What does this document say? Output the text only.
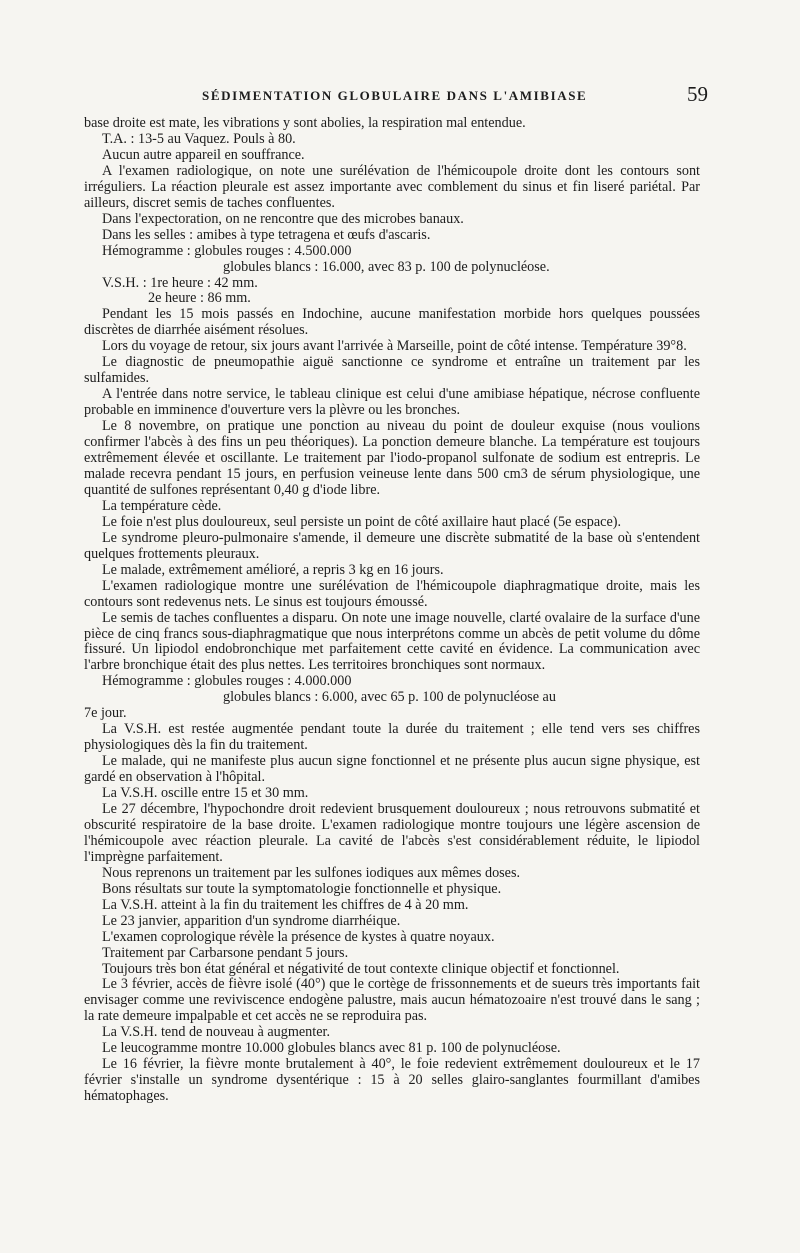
SÉDIMENTATION GLOBULAIRE DANS L'AMIBIASE	59

base droite est mate, les vibrations y sont abolies, la respiration mal entendue.

T.A. : 13-5 au Vaquez. Pouls à 80.

Aucun autre appareil en souffrance.

A l'examen radiologique, on note une surélévation de l'hémicoupole droite dont les contours sont irréguliers. La réaction pleurale est assez importante avec comblement du sinus et fin liseré pariétal. Par ailleurs, discret semis de taches confluentes.

Dans l'expectoration, on ne rencontre que des microbes banaux.

Dans les selles : amibes à type tetragena et œufs d'ascaris.

Hémogramme : globules rouges : 4.500.000

globules blancs : 16.000, avec 83 p. 100 de polynucléose.

V.S.H. : 1re heure : 42 mm.

2e heure : 86 mm.

Pendant les 15 mois passés en Indochine, aucune manifestation morbide hors quelques poussées discrètes de diarrhée aisément résolues.

Lors du voyage de retour, six jours avant l'arrivée à Marseille, point de côté intense. Température 39°8.

Le diagnostic de pneumopathie aiguë sanctionne ce syndrome et entraîne un traitement par les sulfamides.

A l'entrée dans notre service, le tableau clinique est celui d'une amibiase hépatique, nécrose confluente probable en imminence d'ouverture vers la plèvre ou les bronches.

Le 8 novembre, on pratique une ponction au niveau du point de douleur exquise (nous voulions confirmer l'abcès à des fins un peu théoriques). La ponction demeure blanche. La température est toujours extrêmement élevée et oscillante. Le traitement par l'iodo-propanol sulfonate de sodium est entrepris. Le malade recevra pendant 15 jours, en perfusion veineuse lente dans 500 cm3 de sérum physiologique, une quantité de sulfones représentant 0,40 g d'iode libre.

La température cède.

Le foie n'est plus douloureux, seul persiste un point de côté axillaire haut placé (5e espace).

Le syndrome pleuro-pulmonaire s'amende, il demeure une discrète submatité de la base où s'entendent quelques frottements pleuraux.

Le malade, extrêmement amélioré, a repris 3 kg en 16 jours.

L'examen radiologique montre une surélévation de l'hémicoupole diaphragmatique droite, mais les contours sont redevenus nets. Le sinus est toujours émoussé.

Le semis de taches confluentes a disparu. On note une image nouvelle, clarté ovalaire de la surface d'une pièce de cinq francs sous-diaphragmatique que nous interprétons comme un abcès de petit volume du dôme fissuré. Un lipiodol endobronchique met parfaitement cette cavité en évidence. La communication avec l'arbre bronchique était des plus nettes. Les territoires bronchiques sont normaux.

Hémogramme : globules rouges : 4.000.000

globules blancs : 6.000, avec 65 p. 100 de polynucléose au

7e jour.

La V.S.H. est restée augmentée pendant toute la durée du traitement ; elle tend vers ses chiffres physiologiques dès la fin du traitement.

Le malade, qui ne manifeste plus aucun signe fonctionnel et ne présente plus aucun signe physique, est gardé en observation à l'hôpital.

La V.S.H. oscille entre 15 et 30 mm.

Le 27 décembre, l'hypochondre droit redevient brusquement douloureux ; nous retrouvons submatité et obscurité respiratoire de la base droite. L'examen radiologique montre toujours une légère ascension de l'hémicoupole avec réaction pleurale. La cavité de l'abcès s'est considérablement réduite, le lipiodol l'imprègne parfaitement.

Nous reprenons un traitement par les sulfones iodiques aux mêmes doses.

Bons résultats sur toute la symptomatologie fonctionnelle et physique.

La V.S.H. atteint à la fin du traitement les chiffres de 4 à 20 mm.

Le 23 janvier, apparition d'un syndrome diarrhéique.

L'examen coprologique révèle la présence de kystes à quatre noyaux.

Traitement par Carbarsone pendant 5 jours.

Toujours très bon état général et négativité de tout contexte clinique objectif et fonctionnel.

Le 3 février, accès de fièvre isolé (40°) que le cortège de frissonnements et de sueurs très importants fait envisager comme une reviviscence endogène palustre, mais aucun hématozoaire n'est trouvé dans le sang ; la rate demeure impalpable et cet accès ne se reproduira pas.

La V.S.H. tend de nouveau à augmenter.

Le leucogramme montre 10.000 globules blancs avec 81 p. 100 de polynucléose.

Le 16 février, la fièvre monte brutalement à 40°, le foie redevient extrêmement douloureux et le 17 février s'installe un syndrome dysentérique : 15 à 20 selles glairo-sanglantes fourmillant d'amibes hématophages.
